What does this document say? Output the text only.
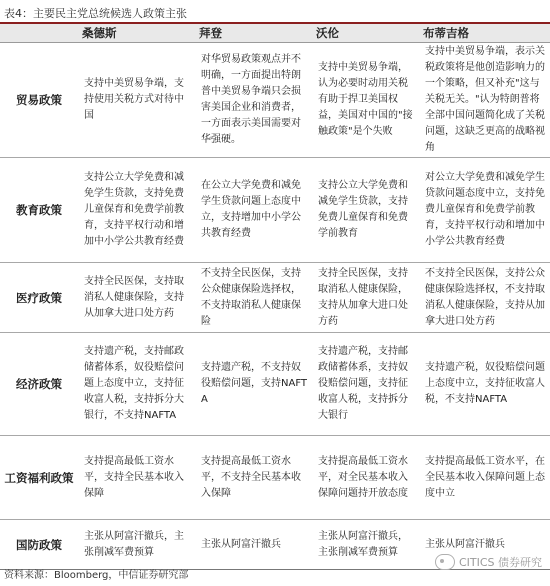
表4：主要民主党总统候选人政策主张
	桑德斯	拜登	沃伦	布蒂吉格
贸易政策	支持中美贸易争端，支持使用关税方式对待中国	对华贸易政策观点并不明确，一方面提出特朗普中美贸易争端只会损害美国企业和消费者，一方面表示美国需要对华强硬。	支持中美贸易争端，认为必要时动用关税有助于捍卫美国权益，美国对中国的"接触政策"是个失败	支持中美贸易争端，表示关税政策将是他创造影响力的一个策略，但又补充"这与关税无关。"认为特朗普将全部中国问题简化成了关税问题，这缺乏更高的战略视角
教育政策	支持公立大学免费和减免学生贷款，支持免费儿童保育和免费学前教育，支持平权行动和增加中小学公共教育经费	在公立大学免费和减免学生贷款问题上态度中立，支持增加中小学公共教育经费	支持公立大学免费和减免学生贷款，支持免费儿童保育和免费学前教育	对公立大学免费和减免学生贷款问题态度中立，支持免费儿童保育和免费学前教育，支持平权行动和增加中小学公共教育经费
医疗政策	支持全民医保，支持取消私人健康保险，支持从加拿大进口处方药	不支持全民医保，支持公众健康保险选择权，不支持取消私人健康保险	支持全民医保，支持取消私人健康保险，支持从加拿大进口处方药	不支持全民医保，支持公众健康保险选择权，不支持取消私人健康保险，支持从加拿大进口处方药
经济政策	支持遗产税，支持邮政储蓄体系，奴役赔偿问题上态度中立，支持征收富人税，支持拆分大银行，不支持NAFTA	支持遗产税，不支持奴役赔偿问题，支持NAFTA	支持遗产税，支持邮政储蓄体系，支持奴役赔偿问题，支持征收富人税，支持拆分大银行	支持遗产税，奴役赔偿问题上态度中立，支持征收富人税，不支持NAFTA
工资福利政策	支持提高最低工资水平，支持全民基本收入保障	支持提高最低工资水平，不支持全民基本收入保障	支持提高最低工资水平，对全民基本收入保障问题持开放态度	支持提高最低工资水平，在全民基本收入保障问题上态度中立
国防政策	主张从阿富汗撤兵，主张削减军费预算	主张从阿富汗撤兵	主张从阿富汗撤兵，主张削减军费预算	主张从阿富汗撤兵
CITICS 债券研究
资料来源：Bloomberg，中信证券研究部
